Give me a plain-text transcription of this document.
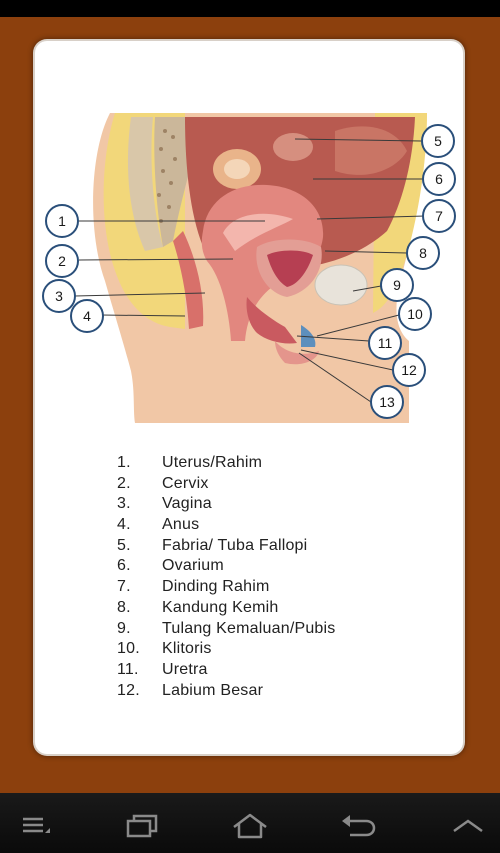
1
2
3
4
5
6
7
8
9
10
11
12
13
1.	Uterus/Rahim
2.	Cervix
3.	Vagina
4.	Anus
5.	Fabria/ Tuba Fallopi
6.	Ovarium
7.	Dinding Rahim
8.	Kandung Kemih
9.	Tulang Kemaluan/Pubis
10.	Klitoris
11.	Uretra
12.	Labium Besar
